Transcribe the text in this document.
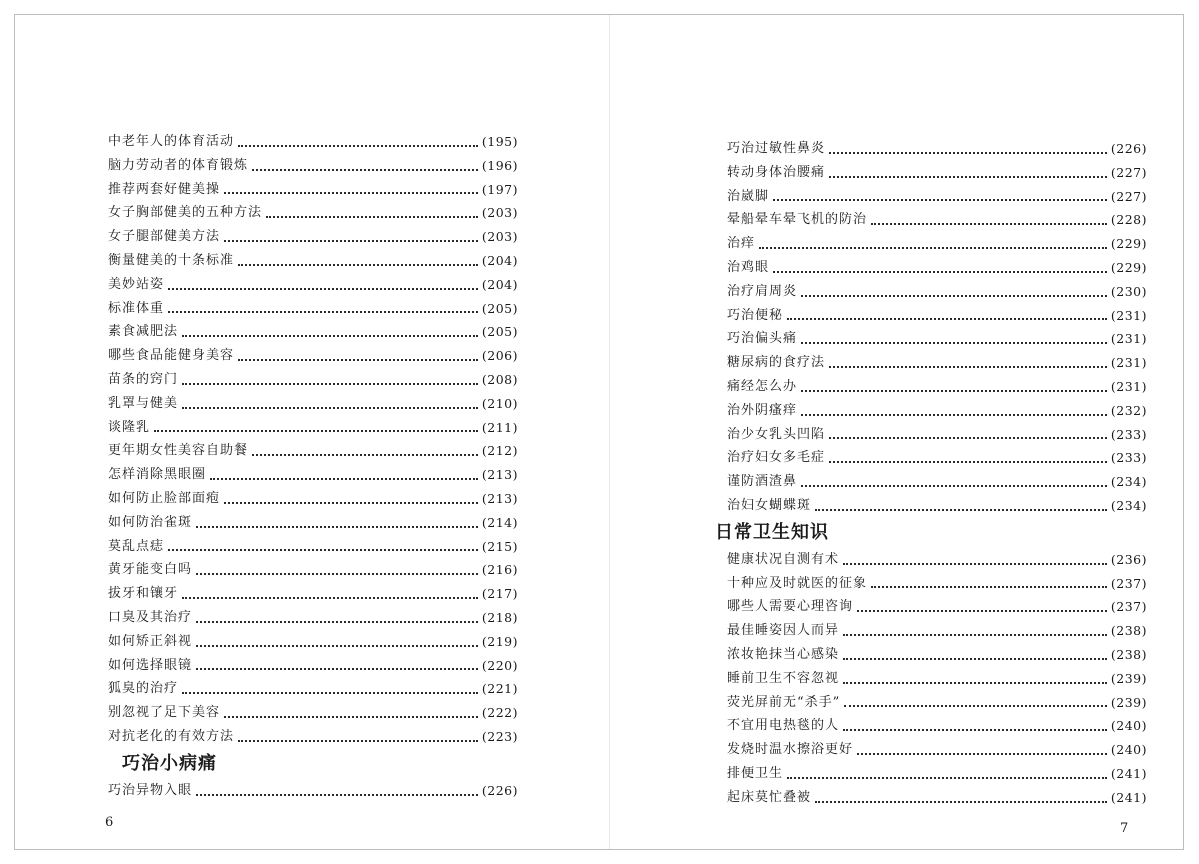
中老年人的体育活动	(195)
脑力劳动者的体育锻炼	(196)
推荐两套好健美操	(197)
女子胸部健美的五种方法	(203)
女子腿部健美方法	(203)
衡量健美的十条标准	(204)
美妙站姿	(204)
标准体重	(205)
素食减肥法	(205)
哪些食品能健身美容	(206)
苗条的窍门	(208)
乳罩与健美	(210)
谈隆乳	(211)
更年期女性美容自助餐	(212)
怎样消除黑眼圈	(213)
如何防止脸部面疱	(213)
如何防治雀斑	(214)
莫乱点痣	(215)
黄牙能变白吗	(216)
拔牙和镶牙	(217)
口臭及其治疗	(218)
如何矫正斜视	(219)
如何选择眼镜	(220)
狐臭的治疗	(221)
别忽视了足下美容	(222)
对抗老化的有效方法	(223)
巧治小病痛
巧治异物入眼	(226)
巧治过敏性鼻炎	(226)
转动身体治腰痛	(227)
治崴脚	(227)
晕船晕车晕飞机的防治	(228)
治痒	(229)
治鸡眼	(229)
治疗肩周炎	(230)
巧治便秘	(231)
巧治偏头痛	(231)
糖尿病的食疗法	(231)
痛经怎么办	(231)
治外阴瘙痒	(232)
治少女乳头凹陷	(233)
治疗妇女多毛症	(233)
谨防酒渣鼻	(234)
治妇女蝴蝶斑	(234)
日常卫生知识
健康状况自测有术	(236)
十种应及时就医的征象	(237)
哪些人需要心理咨询	(237)
最佳睡姿因人而异	(238)
浓妆艳抹当心感染	(238)
睡前卫生不容忽视	(239)
荧光屏前无“杀手”	(239)
不宜用电热毯的人	(240)
发烧时温水擦浴更好	(240)
排便卫生	(241)
起床莫忙叠被	(241)
6	7
